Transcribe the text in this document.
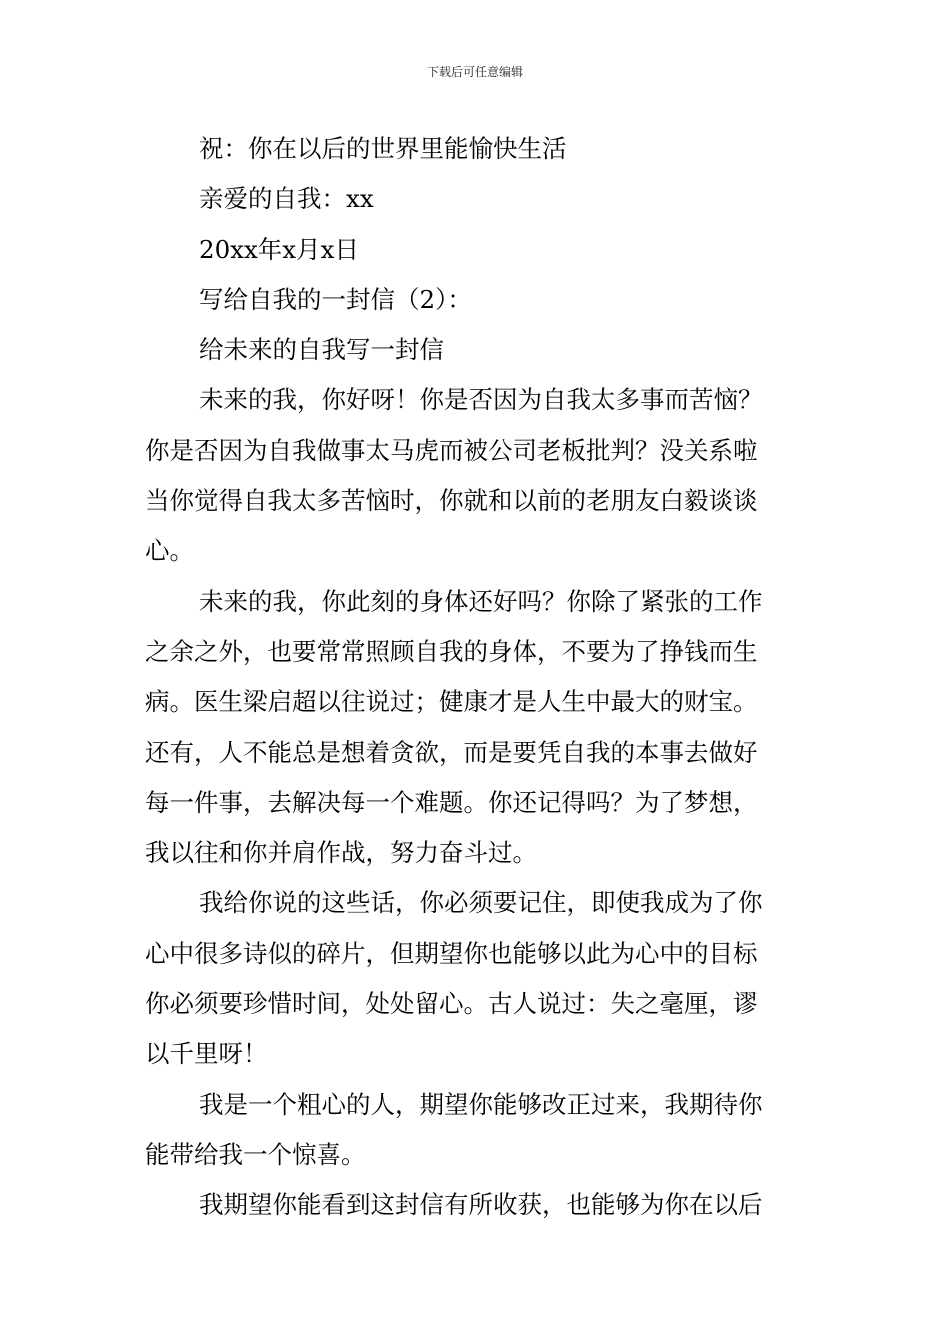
下载后可任意编辑
祝：你在以后的世界里能愉快生活
亲爱的自我：xx
20xx年x月x日
写给自我的一封信（2）：
给未来的自我写一封信
未来的我，你好呀！你是否因为自我太多事而苦恼？
你是否因为自我做事太马虎而被公司老板批判？没关系啦
当你觉得自我太多苦恼时，你就和以前的老朋友白毅谈谈
心。
未来的我，你此刻的身体还好吗？你除了紧张的工作
之余之外，也要常常照顾自我的身体，不要为了挣钱而生
病。医生梁启超以往说过；健康才是人生中最大的财宝。
还有，人不能总是想着贪欲，而是要凭自我的本事去做好
每一件事，去解决每一个难题。你还记得吗？为了梦想，
我以往和你并肩作战，努力奋斗过。
我给你说的这些话，你必须要记住，即使我成为了你
心中很多诗似的碎片，但期望你也能够以此为心中的目标
你必须要珍惜时间，处处留心。古人说过：失之毫厘，谬
以千里呀！
我是一个粗心的人，期望你能够改正过来，我期待你
能带给我一个惊喜。
我期望你能看到这封信有所收获，也能够为你在以后
